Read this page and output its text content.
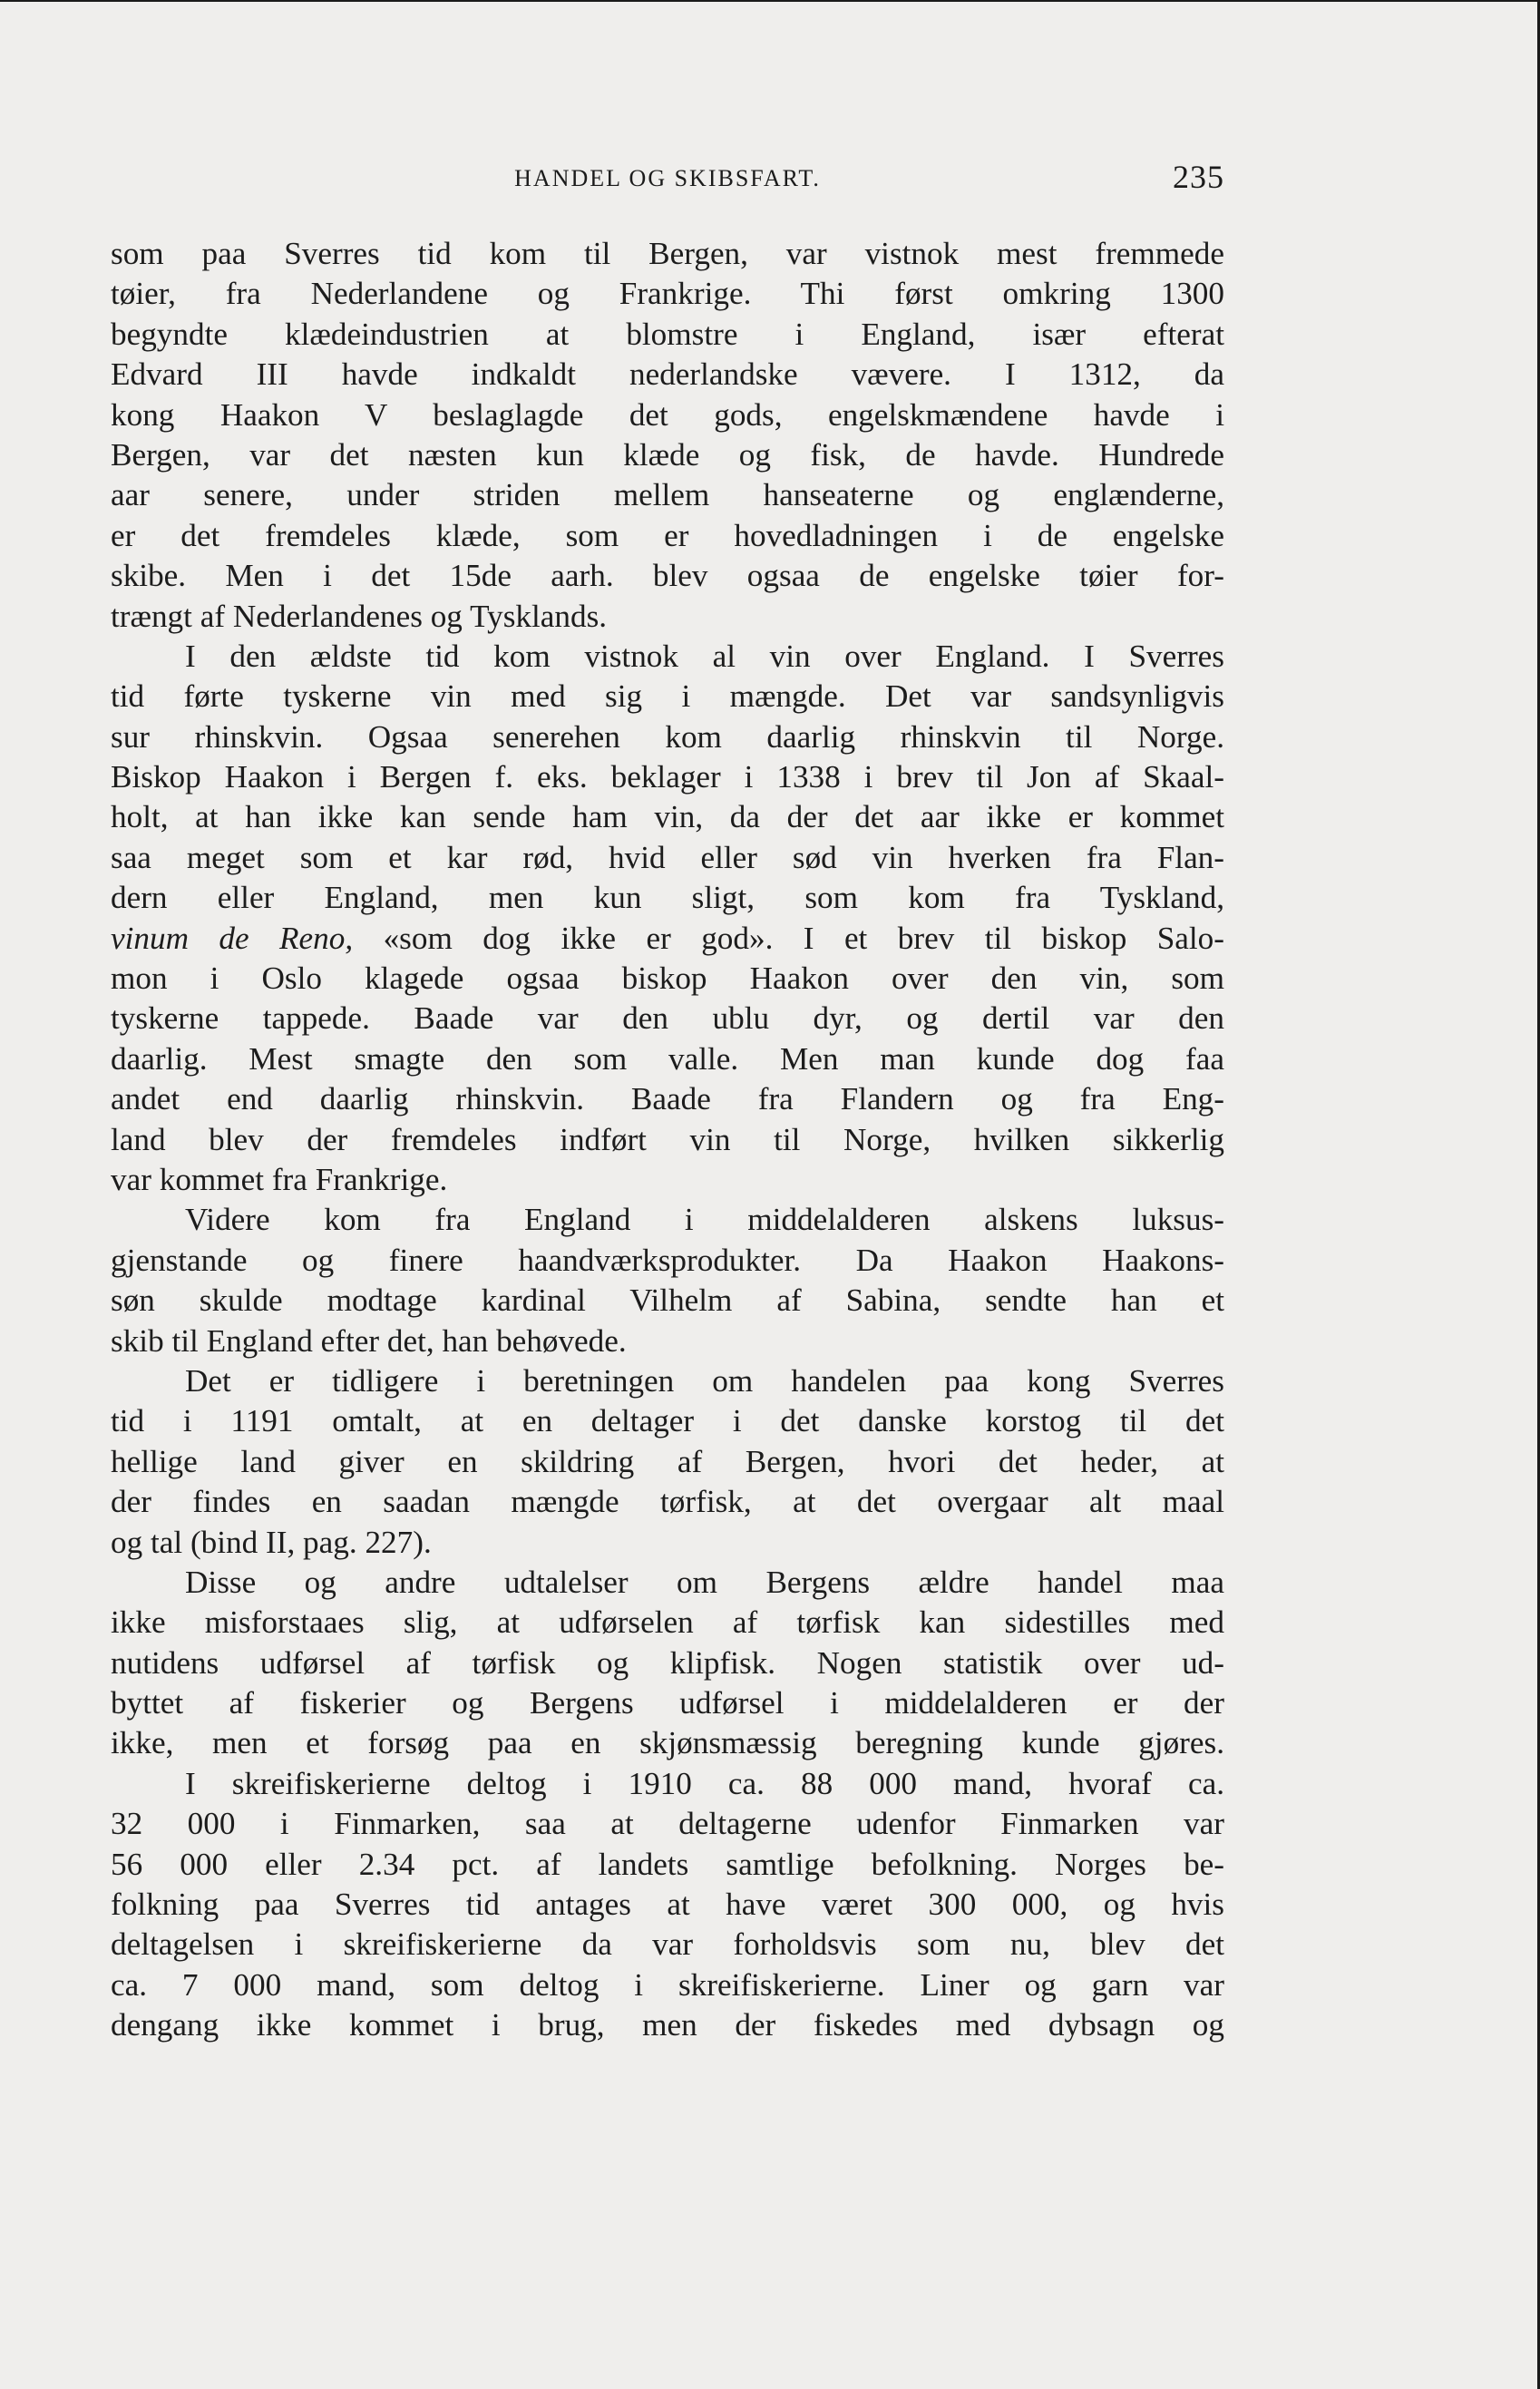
HANDEL OG SKIBSFART.	235
som paa Sverres tid kom til Bergen, var vistnok mest fremmede
tøier, fra Nederlandene og Frankrige. Thi først omkring 1300
begyndte klædeindustrien at blomstre i England, især efterat
Edvard III havde indkaldt nederlandske vævere. I 1312, da
kong Haakon V beslaglagde det gods, engelskmændene havde i
Bergen, var det næsten kun klæde og fisk, de havde. Hundrede
aar senere, under striden mellem hanseaterne og englænderne,
er det fremdeles klæde, som er hovedladningen i de engelske
skibe. Men i det 15de aarh. blev ogsaa de engelske tøier for-
trængt af Nederlandenes og Tysklands.
I den ældste tid kom vistnok al vin over England. I Sverres
tid førte tyskerne vin med sig i mængde. Det var sandsynligvis
sur rhinskvin. Ogsaa senerehen kom daarlig rhinskvin til Norge.
Biskop Haakon i Bergen f. eks. beklager i 1338 i brev til Jon af Skaal-
holt, at han ikke kan sende ham vin, da der det aar ikke er kommet
saa meget som et kar rød, hvid eller sød vin hverken fra Flan-
dern eller England, men kun sligt, som kom fra Tyskland,
vinum de Reno, «som dog ikke er god». I et brev til biskop Salo-
mon i Oslo klagede ogsaa biskop Haakon over den vin, som
tyskerne tappede. Baade var den ublu dyr, og dertil var den
daarlig. Mest smagte den som valle. Men man kunde dog faa
andet end daarlig rhinskvin. Baade fra Flandern og fra Eng-
land blev der fremdeles indført vin til Norge, hvilken sikkerlig
var kommet fra Frankrige.
Videre kom fra England i middelalderen alskens luksus-
gjenstande og finere haandværksprodukter. Da Haakon Haakons-
søn skulde modtage kardinal Vilhelm af Sabina, sendte han et
skib til England efter det, han behøvede.
Det er tidligere i beretningen om handelen paa kong Sverres
tid i 1191 omtalt, at en deltager i det danske korstog til det
hellige land giver en skildring af Bergen, hvori det heder, at
der findes en saadan mængde tørfisk, at det overgaar alt maal
og tal (bind II, pag. 227).
Disse og andre udtalelser om Bergens ældre handel maa
ikke misforstaaes slig, at udførselen af tørfisk kan sidestilles med
nutidens udførsel af tørfisk og klipfisk. Nogen statistik over ud-
byttet af fiskerier og Bergens udførsel i middelalderen er der
ikke, men et forsøg paa en skjønsmæssig beregning kunde gjøres.
I skreifiskerierne deltog i 1910 ca. 88 000 mand, hvoraf ca.
32 000 i Finmarken, saa at deltagerne udenfor Finmarken var
56 000 eller 2.34 pct. af landets samtlige befolkning. Norges be-
folkning paa Sverres tid antages at have været 300 000, og hvis
deltagelsen i skreifiskerierne da var forholdsvis som nu, blev det
ca. 7 000 mand, som deltog i skreifiskerierne. Liner og garn var
dengang ikke kommet i brug, men der fiskedes med dybsagn og
